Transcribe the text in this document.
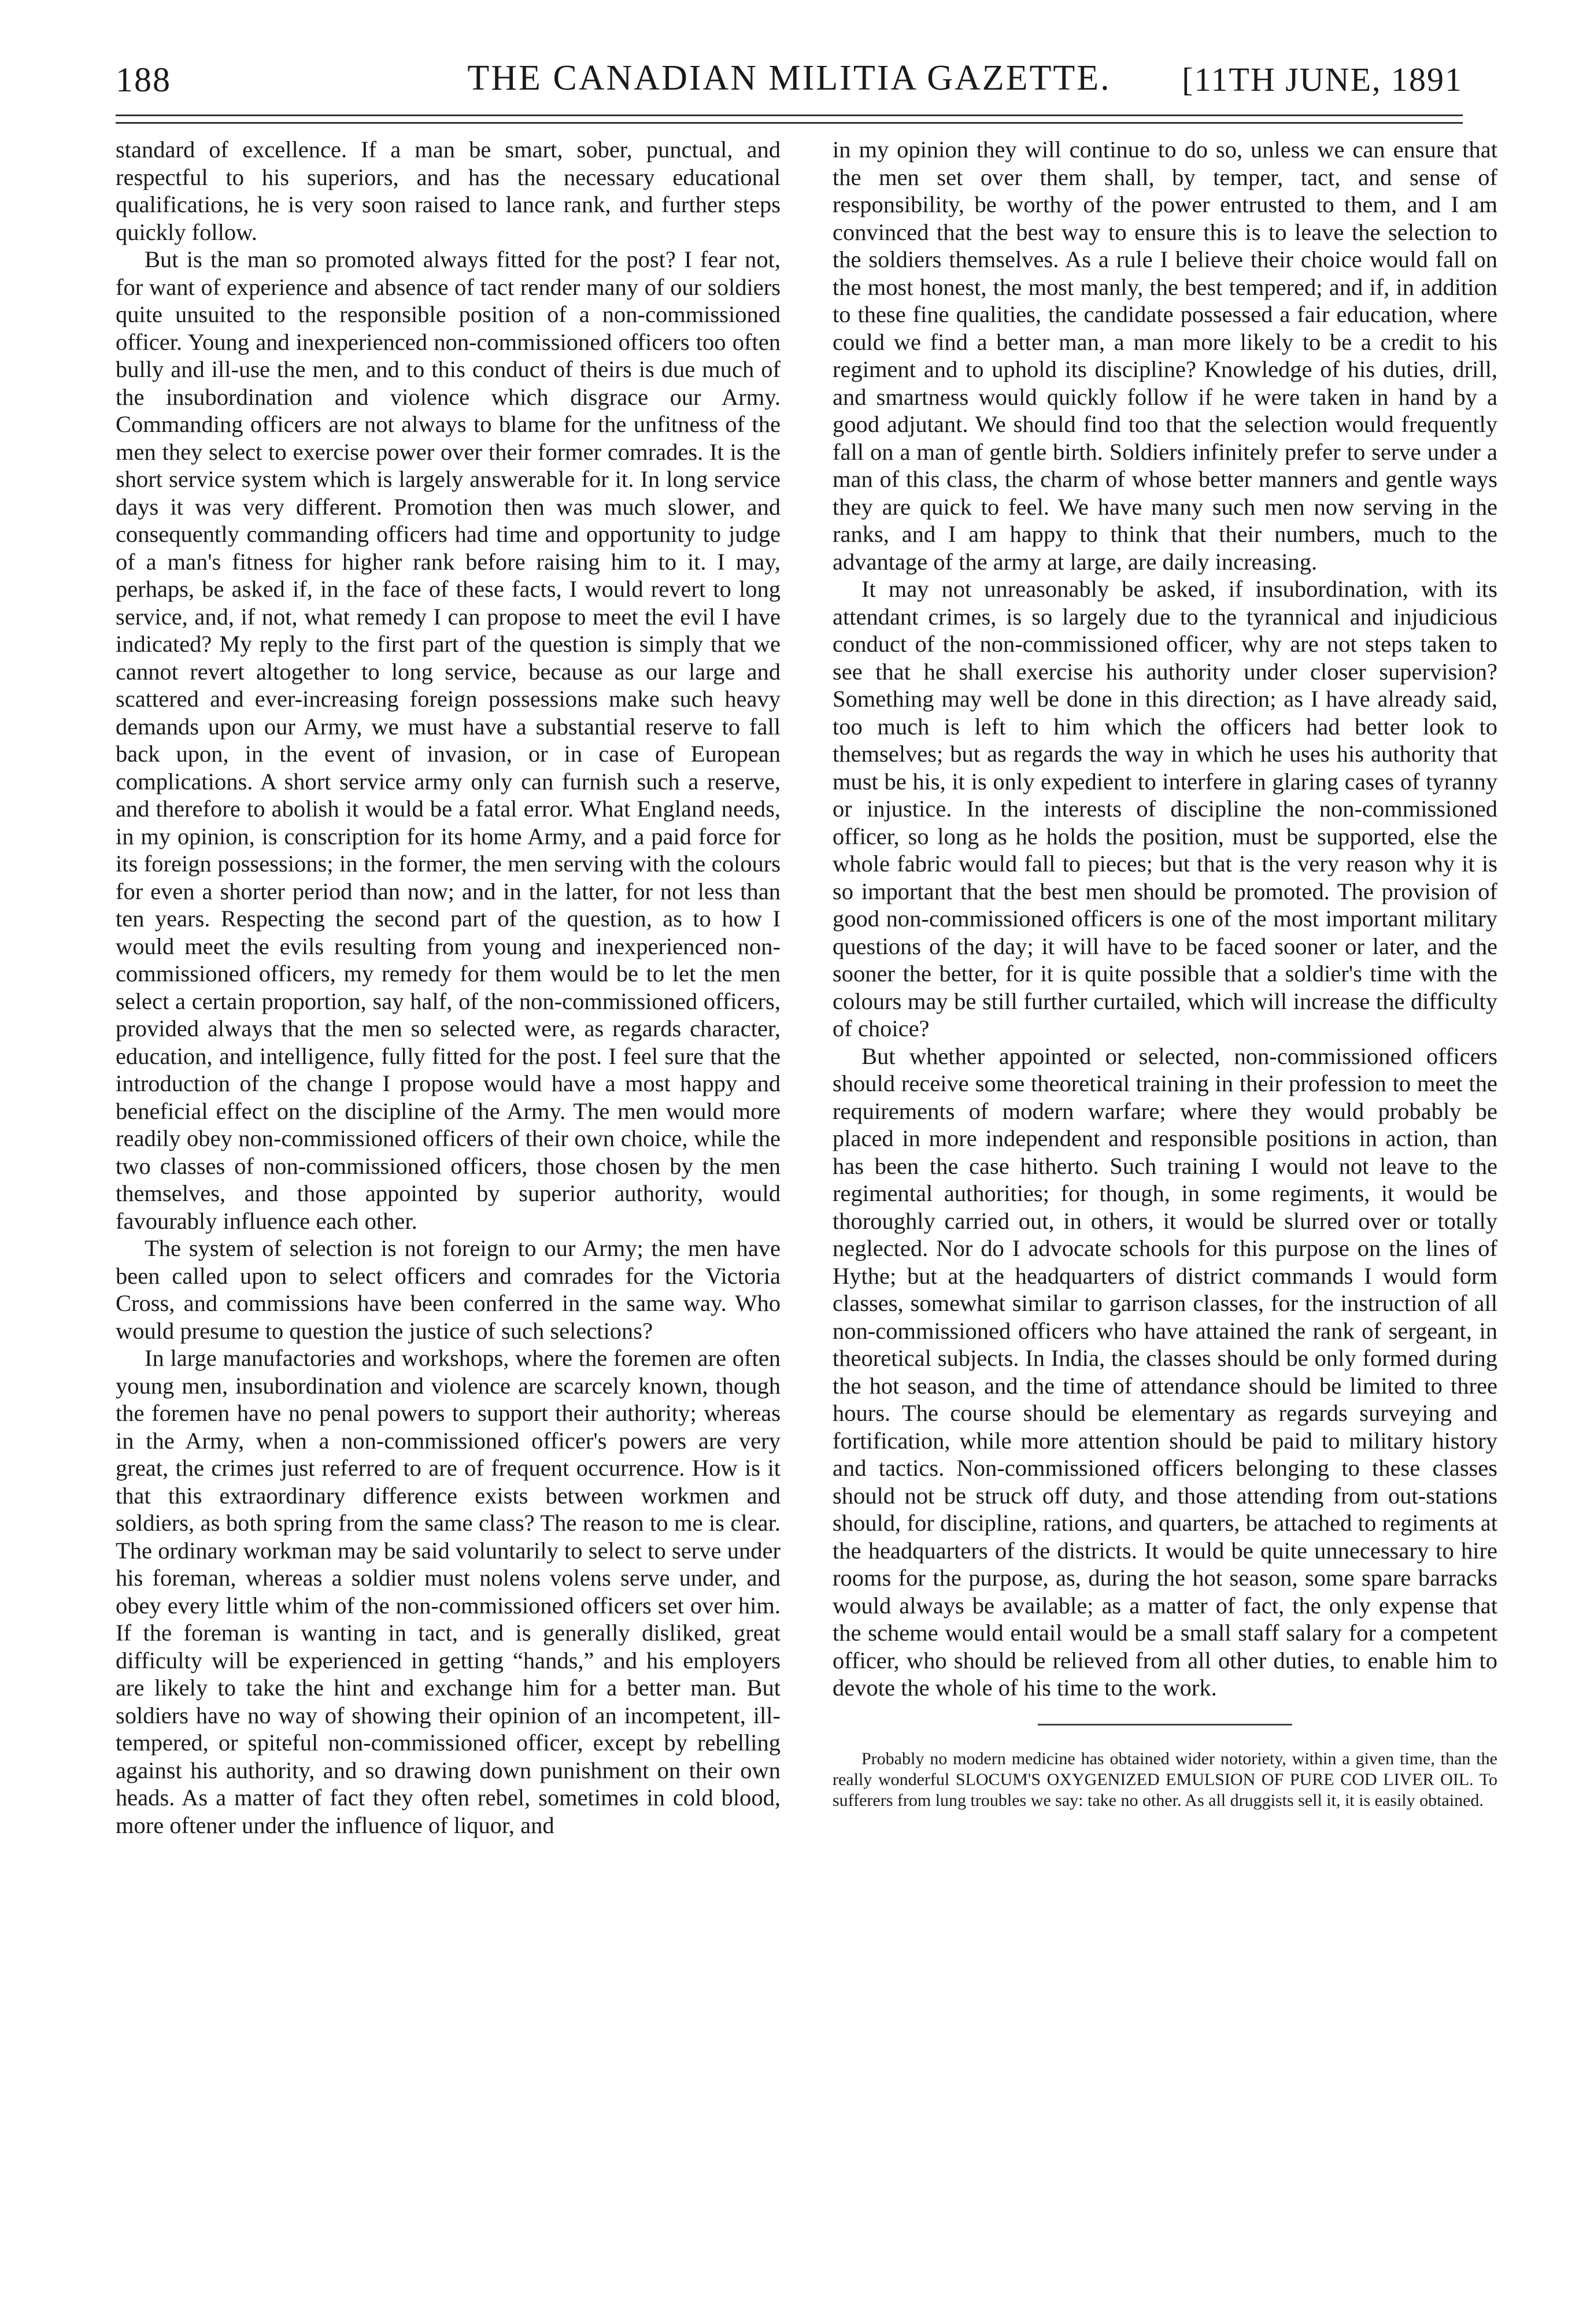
188	THE CANADIAN MILITIA GAZETTE.	[11TH JUNE, 1891

standard of excellence. If a man be smart, sober, punctual, and respectful to his superiors, and has the necessary educational qualifications, he is very soon raised to lance rank, and further steps quickly follow.

But is the man so promoted always fitted for the post? I fear not, for want of experience and absence of tact render many of our soldiers quite unsuited to the responsible position of a non-commissioned officer. Young and inexperienced non-commissioned officers too often bully and ill-use the men, and to this conduct of theirs is due much of the insubordination and violence which disgrace our Army. Commanding officers are not always to blame for the unfitness of the men they select to exercise power over their former comrades. It is the short service system which is largely answerable for it. In long service days it was very different. Promotion then was much slower, and consequently commanding officers had time and opportunity to judge of a man's fitness for higher rank before raising him to it. I may, perhaps, be asked if, in the face of these facts, I would revert to long service, and, if not, what remedy I can propose to meet the evil I have indicated? My reply to the first part of the question is simply that we cannot revert altogether to long service, because as our large and scattered and ever-increasing foreign possessions make such heavy demands upon our Army, we must have a substantial reserve to fall back upon, in the event of invasion, or in case of European complications. A short service army only can furnish such a reserve, and therefore to abolish it would be a fatal error. What England needs, in my opinion, is conscription for its home Army, and a paid force for its foreign possessions; in the former, the men serving with the colours for even a shorter period than now; and in the latter, for not less than ten years. Respecting the second part of the question, as to how I would meet the evils resulting from young and inexperienced non-commissioned officers, my remedy for them would be to let the men select a certain proportion, say half, of the non-commissioned officers, provided always that the men so selected were, as regards character, education, and intelligence, fully fitted for the post. I feel sure that the introduction of the change I propose would have a most happy and beneficial effect on the discipline of the Army. The men would more readily obey non-commissioned officers of their own choice, while the two classes of non-commissioned officers, those chosen by the men themselves, and those appointed by superior authority, would favourably influence each other.

The system of selection is not foreign to our Army; the men have been called upon to select officers and comrades for the Victoria Cross, and commissions have been conferred in the same way. Who would presume to question the justice of such selections?

In large manufactories and workshops, where the foremen are often young men, insubordination and violence are scarcely known, though the foremen have no penal powers to support their authority; whereas in the Army, when a non-commissioned officer's powers are very great, the crimes just referred to are of frequent occurrence. How is it that this extraordinary difference exists between workmen and soldiers, as both spring from the same class? The reason to me is clear. The ordinary workman may be said voluntarily to select to serve under his foreman, whereas a soldier must nolens volens serve under, and obey every little whim of the non-commissioned officers set over him. If the foreman is wanting in tact, and is generally disliked, great difficulty will be experienced in getting “hands,” and his employers are likely to take the hint and exchange him for a better man. But soldiers have no way of showing their opinion of an incompetent, ill-tempered, or spiteful non-commissioned officer, except by rebelling against his authority, and so drawing down punishment on their own heads. As a matter of fact they often rebel, sometimes in cold blood, more oftener under the influence of liquor, and

in my opinion they will continue to do so, unless we can ensure that the men set over them shall, by temper, tact, and sense of responsibility, be worthy of the power entrusted to them, and I am convinced that the best way to ensure this is to leave the selection to the soldiers themselves. As a rule I believe their choice would fall on the most honest, the most manly, the best tempered; and if, in addition to these fine qualities, the candidate possessed a fair education, where could we find a better man, a man more likely to be a credit to his regiment and to uphold its discipline? Knowledge of his duties, drill, and smartness would quickly follow if he were taken in hand by a good adjutant. We should find too that the selection would frequently fall on a man of gentle birth. Soldiers infinitely prefer to serve under a man of this class, the charm of whose better manners and gentle ways they are quick to feel. We have many such men now serving in the ranks, and I am happy to think that their numbers, much to the advantage of the army at large, are daily increasing.

It may not unreasonably be asked, if insubordination, with its attendant crimes, is so largely due to the tyrannical and injudicious conduct of the non-commissioned officer, why are not steps taken to see that he shall exercise his authority under closer supervision? Something may well be done in this direction; as I have already said, too much is left to him which the officers had better look to themselves; but as regards the way in which he uses his authority that must be his, it is only expedient to interfere in glaring cases of tyranny or injustice. In the interests of discipline the non-commissioned officer, so long as he holds the position, must be supported, else the whole fabric would fall to pieces; but that is the very reason why it is so important that the best men should be promoted. The provision of good non-commissioned officers is one of the most important military questions of the day; it will have to be faced sooner or later, and the sooner the better, for it is quite possible that a soldier's time with the colours may be still further curtailed, which will increase the difficulty of choice?

But whether appointed or selected, non-commissioned officers should receive some theoretical training in their profession to meet the requirements of modern warfare; where they would probably be placed in more independent and responsible positions in action, than has been the case hitherto. Such training I would not leave to the regimental authorities; for though, in some regiments, it would be thoroughly carried out, in others, it would be slurred over or totally neglected. Nor do I advocate schools for this purpose on the lines of Hythe; but at the headquarters of district commands I would form classes, somewhat similar to garrison classes, for the instruction of all non-commissioned officers who have attained the rank of sergeant, in theoretical subjects. In India, the classes should be only formed during the hot season, and the time of attendance should be limited to three hours. The course should be elementary as regards surveying and fortification, while more attention should be paid to military history and tactics. Non-commissioned officers belonging to these classes should not be struck off duty, and those attending from out-stations should, for discipline, rations, and quarters, be attached to regiments at the headquarters of the districts. It would be quite unnecessary to hire rooms for the purpose, as, during the hot season, some spare barracks would always be available; as a matter of fact, the only expense that the scheme would entail would be a small staff salary for a competent officer, who should be relieved from all other duties, to enable him to devote the whole of his time to the work.

Probably no modern medicine has obtained wider notoriety, within a given time, than the really wonderful SLOCUM'S OXYGENIZED EMULSION OF PURE COD LIVER OIL. To sufferers from lung troubles we say: take no other. As all druggists sell it, it is easily obtained.
